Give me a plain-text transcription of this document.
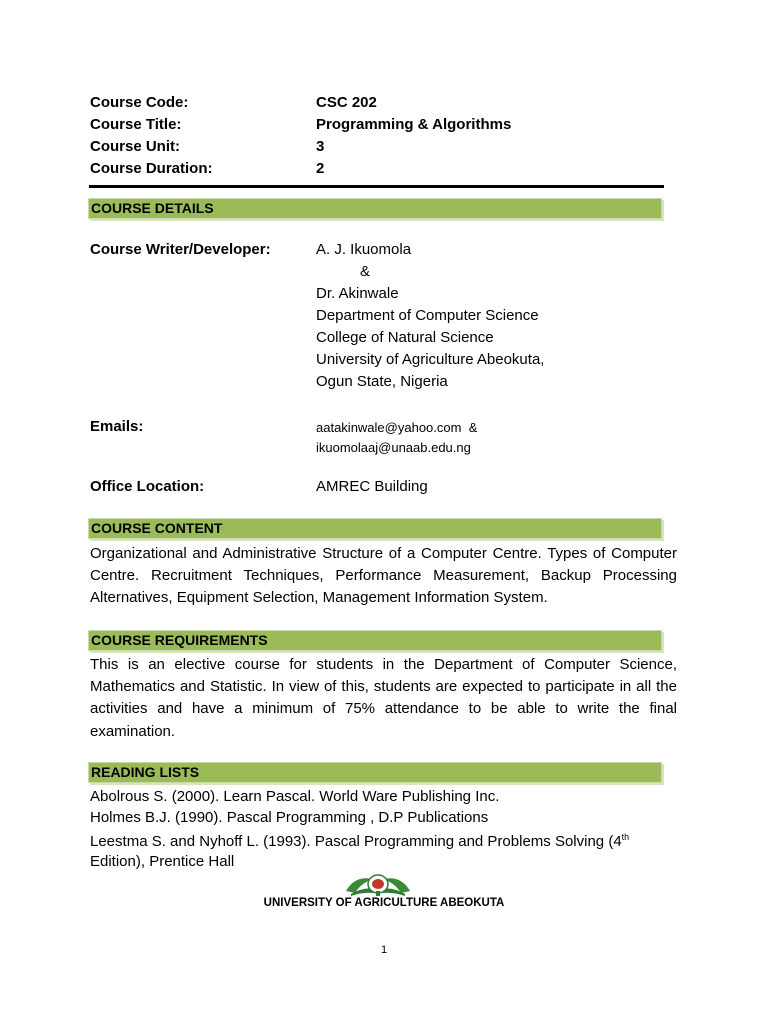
Course Code:	CSC 202
Course Title:	Programming & Algorithms
Course Unit:	3
Course Duration:	2
COURSE DETAILS
Course Writer/Developer:	A. J. Ikuomola
&
Dr. Akinwale
Department of Computer Science
College of Natural Science
University of Agriculture Abeokuta,
Ogun State, Nigeria
Emails:	aatakinwale@yahoo.com &
ikuomolaaj@unaab.edu.ng
Office Location:	AMREC Building
COURSE CONTENT
Organizational and Administrative Structure of a Computer Centre. Types of Computer Centre. Recruitment Techniques, Performance Measurement, Backup Processing Alternatives, Equipment Selection, Management Information System.
COURSE REQUIREMENTS
This is an elective course for students in the Department of Computer Science, Mathematics and Statistic. In view of this, students are expected to participate in all the activities and have a minimum of 75% attendance to be able to write the final examination.
READING LISTS
Abolrous S. (2000). Learn Pascal. World Ware Publishing Inc.
Holmes B.J. (1990). Pascal Programming , D.P Publications
Leestma S. and Nyhoff L. (1993). Pascal Programming and Problems Solving (4th
Edition), Prentice Hall
UNIVERSITY OF AGRICULTURE ABEOKUTA
1
